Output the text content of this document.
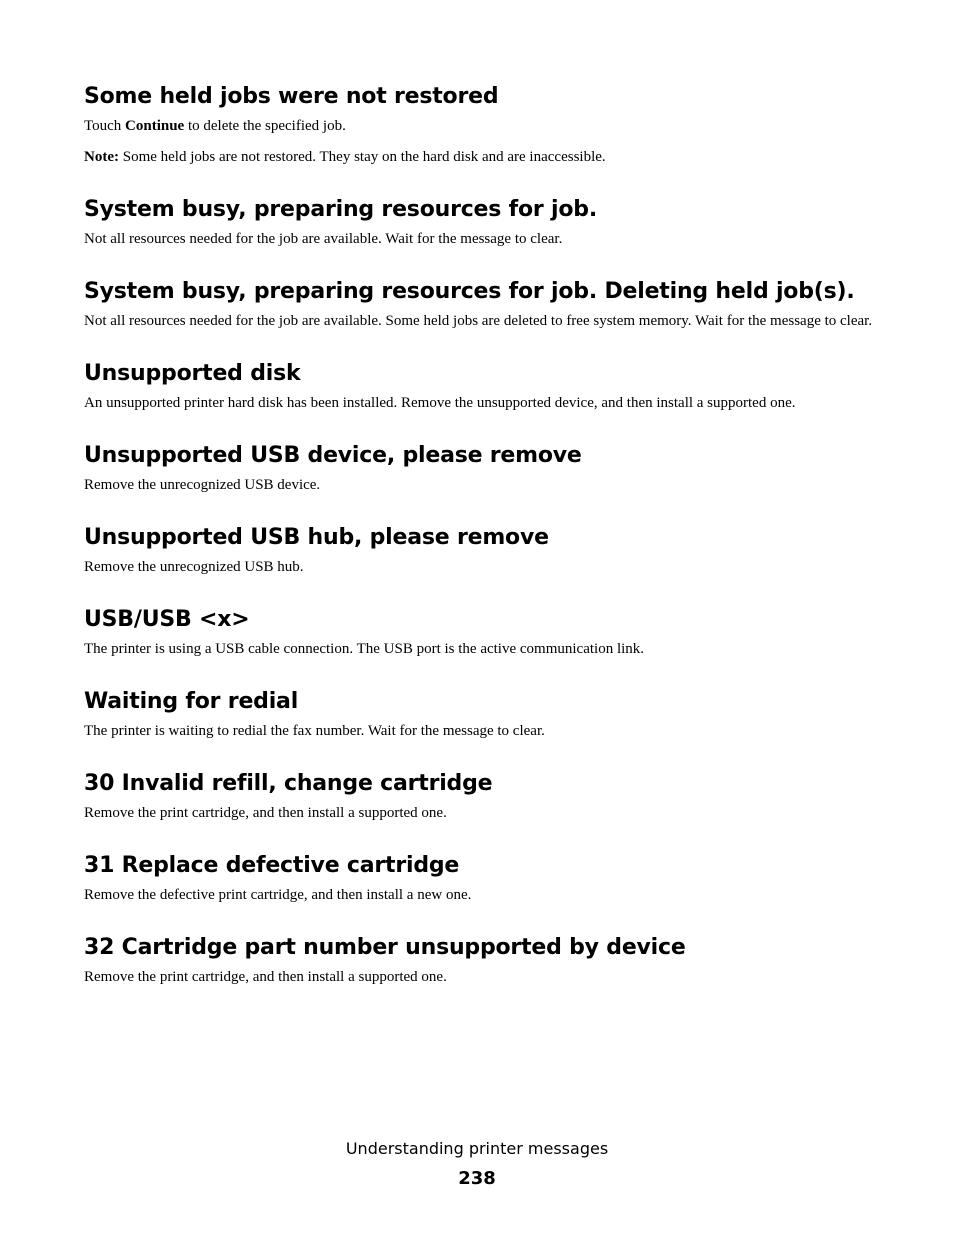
Some held jobs were not restored

Touch Continue to delete the specified job.

Note: Some held jobs are not restored. They stay on the hard disk and are inaccessible.

System busy, preparing resources for job.

Not all resources needed for the job are available. Wait for the message to clear.

System busy, preparing resources for job. Deleting held job(s).

Not all resources needed for the job are available. Some held jobs are deleted to free system memory. Wait for the message to clear.

Unsupported disk

An unsupported printer hard disk has been installed. Remove the unsupported device, and then install a supported one.

Unsupported USB device, please remove

Remove the unrecognized USB device.

Unsupported USB hub, please remove

Remove the unrecognized USB hub.

USB/USB <x>

The printer is using a USB cable connection. The USB port is the active communication link.

Waiting for redial

The printer is waiting to redial the fax number. Wait for the message to clear.

30 Invalid refill, change cartridge

Remove the print cartridge, and then install a supported one.

31 Replace defective cartridge

Remove the defective print cartridge, and then install a new one.

32 Cartridge part number unsupported by device

Remove the print cartridge, and then install a supported one.

Understanding printer messages
238
